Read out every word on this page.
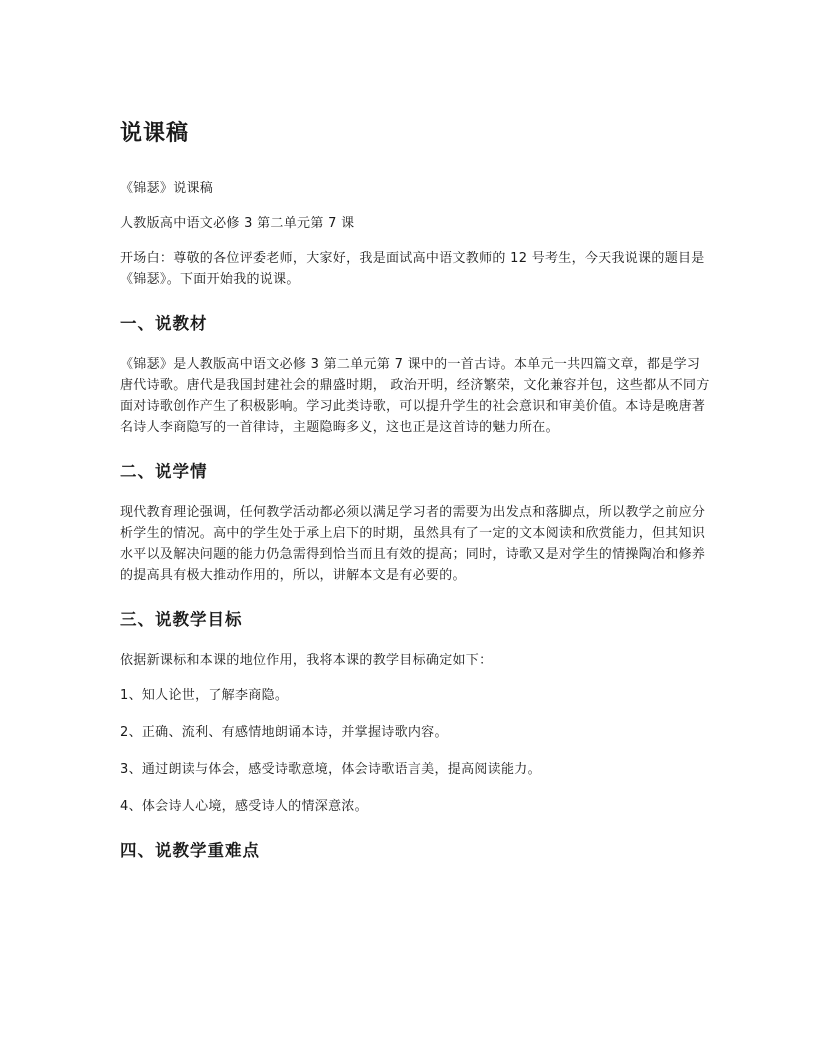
说课稿

《锦瑟》说课稿

人教版高中语文必修 3 第二单元第 7 课

开场白：尊敬的各位评委老师，大家好，我是面试高中语文教师的 12 号考生，今天我说课的题目是《锦瑟》。下面开始我的说课。

一、说教材

《锦瑟》是人教版高中语文必修 3 第二单元第 7 课中的一首古诗。本单元一共四篇文章，都是学习唐代诗歌。唐代是我国封建社会的鼎盛时期， 政治开明，经济繁荣，文化兼容并包，这些都从不同方面对诗歌创作产生了积极影响。学习此类诗歌，可以提升学生的社会意识和审美价值。本诗是晚唐著名诗人李商隐写的一首律诗，主题隐晦多义，这也正是这首诗的魅力所在。

二、说学情

现代教育理论强调，任何教学活动都必须以满足学习者的需要为出发点和落脚点，所以教学之前应分析学生的情况。高中的学生处于承上启下的时期，虽然具有了一定的文本阅读和欣赏能力，但其知识水平以及解决问题的能力仍急需得到恰当而且有效的提高；同时，诗歌又是对学生的情操陶冶和修养的提高具有极大推动作用的，所以，讲解本文是有必要的。

三、说教学目标

依据新课标和本课的地位作用，我将本课的教学目标确定如下：

1、知人论世，了解李商隐。

2、正确、流利、有感情地朗诵本诗，并掌握诗歌内容。

3、通过朗读与体会，感受诗歌意境，体会诗歌语言美，提高阅读能力。

4、体会诗人心境，感受诗人的情深意浓。

四、说教学重难点
